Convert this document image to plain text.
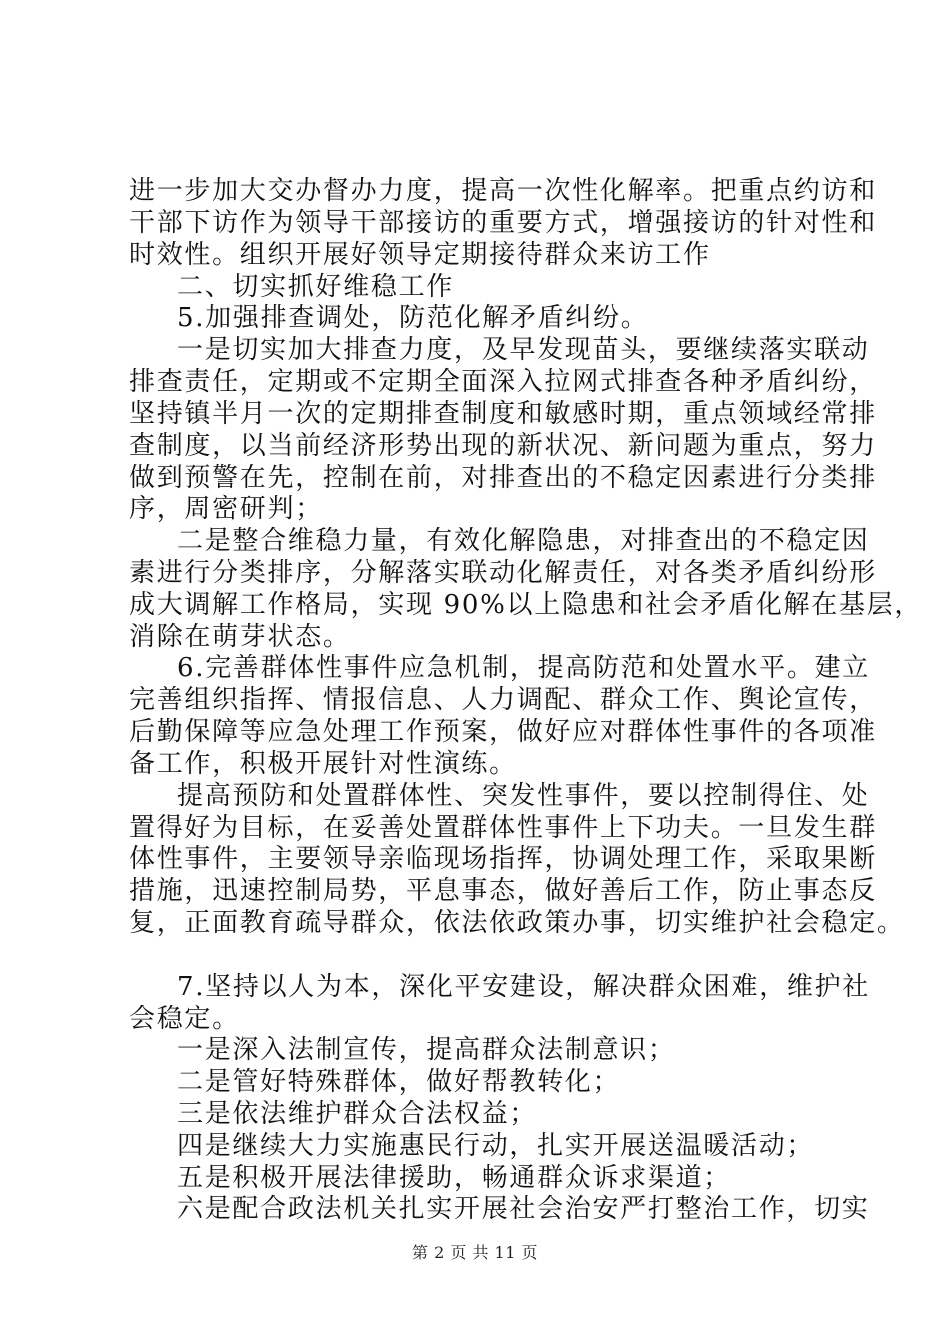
进一步加大交办督办力度，提高一次性化解率。把重点约访和
干部下访作为领导干部接访的重要方式，增强接访的针对性和
时效性。组织开展好领导定期接待群众来访工作
二、切实抓好维稳工作
5.加强排查调处，防范化解矛盾纠纷。
一是切实加大排查力度，及早发现苗头，要继续落实联动
排查责任，定期或不定期全面深入拉网式排查各种矛盾纠纷，
坚持镇半月一次的定期排查制度和敏感时期，重点领域经常排
查制度，以当前经济形势出现的新状况、新问题为重点，努力
做到预警在先，控制在前，对排查出的不稳定因素进行分类排
序，周密研判；
二是整合维稳力量，有效化解隐患，对排查出的不稳定因
素进行分类排序，分解落实联动化解责任，对各类矛盾纠纷形
成大调解工作格局，实现 90%以上隐患和社会矛盾化解在基层，
消除在萌芽状态。
6.完善群体性事件应急机制，提高防范和处置水平。建立
完善组织指挥、情报信息、人力调配、群众工作、舆论宣传，
后勤保障等应急处理工作预案，做好应对群体性事件的各项准
备工作，积极开展针对性演练。
提高预防和处置群体性、突发性事件，要以控制得住、处
置得好为目标，在妥善处置群体性事件上下功夫。一旦发生群
体性事件，主要领导亲临现场指挥，协调处理工作，采取果断
措施，迅速控制局势，平息事态，做好善后工作，防止事态反
复，正面教育疏导群众，依法依政策办事，切实维护社会稳定。
7.坚持以人为本，深化平安建设，解决群众困难，维护社
会稳定。
一是深入法制宣传，提高群众法制意识；
二是管好特殊群体，做好帮教转化；
三是依法维护群众合法权益；
四是继续大力实施惠民行动，扎实开展送温暖活动；
五是积极开展法律援助，畅通群众诉求渠道；
六是配合政法机关扎实开展社会治安严打整治工作，切实
第 2 页 共 11 页
